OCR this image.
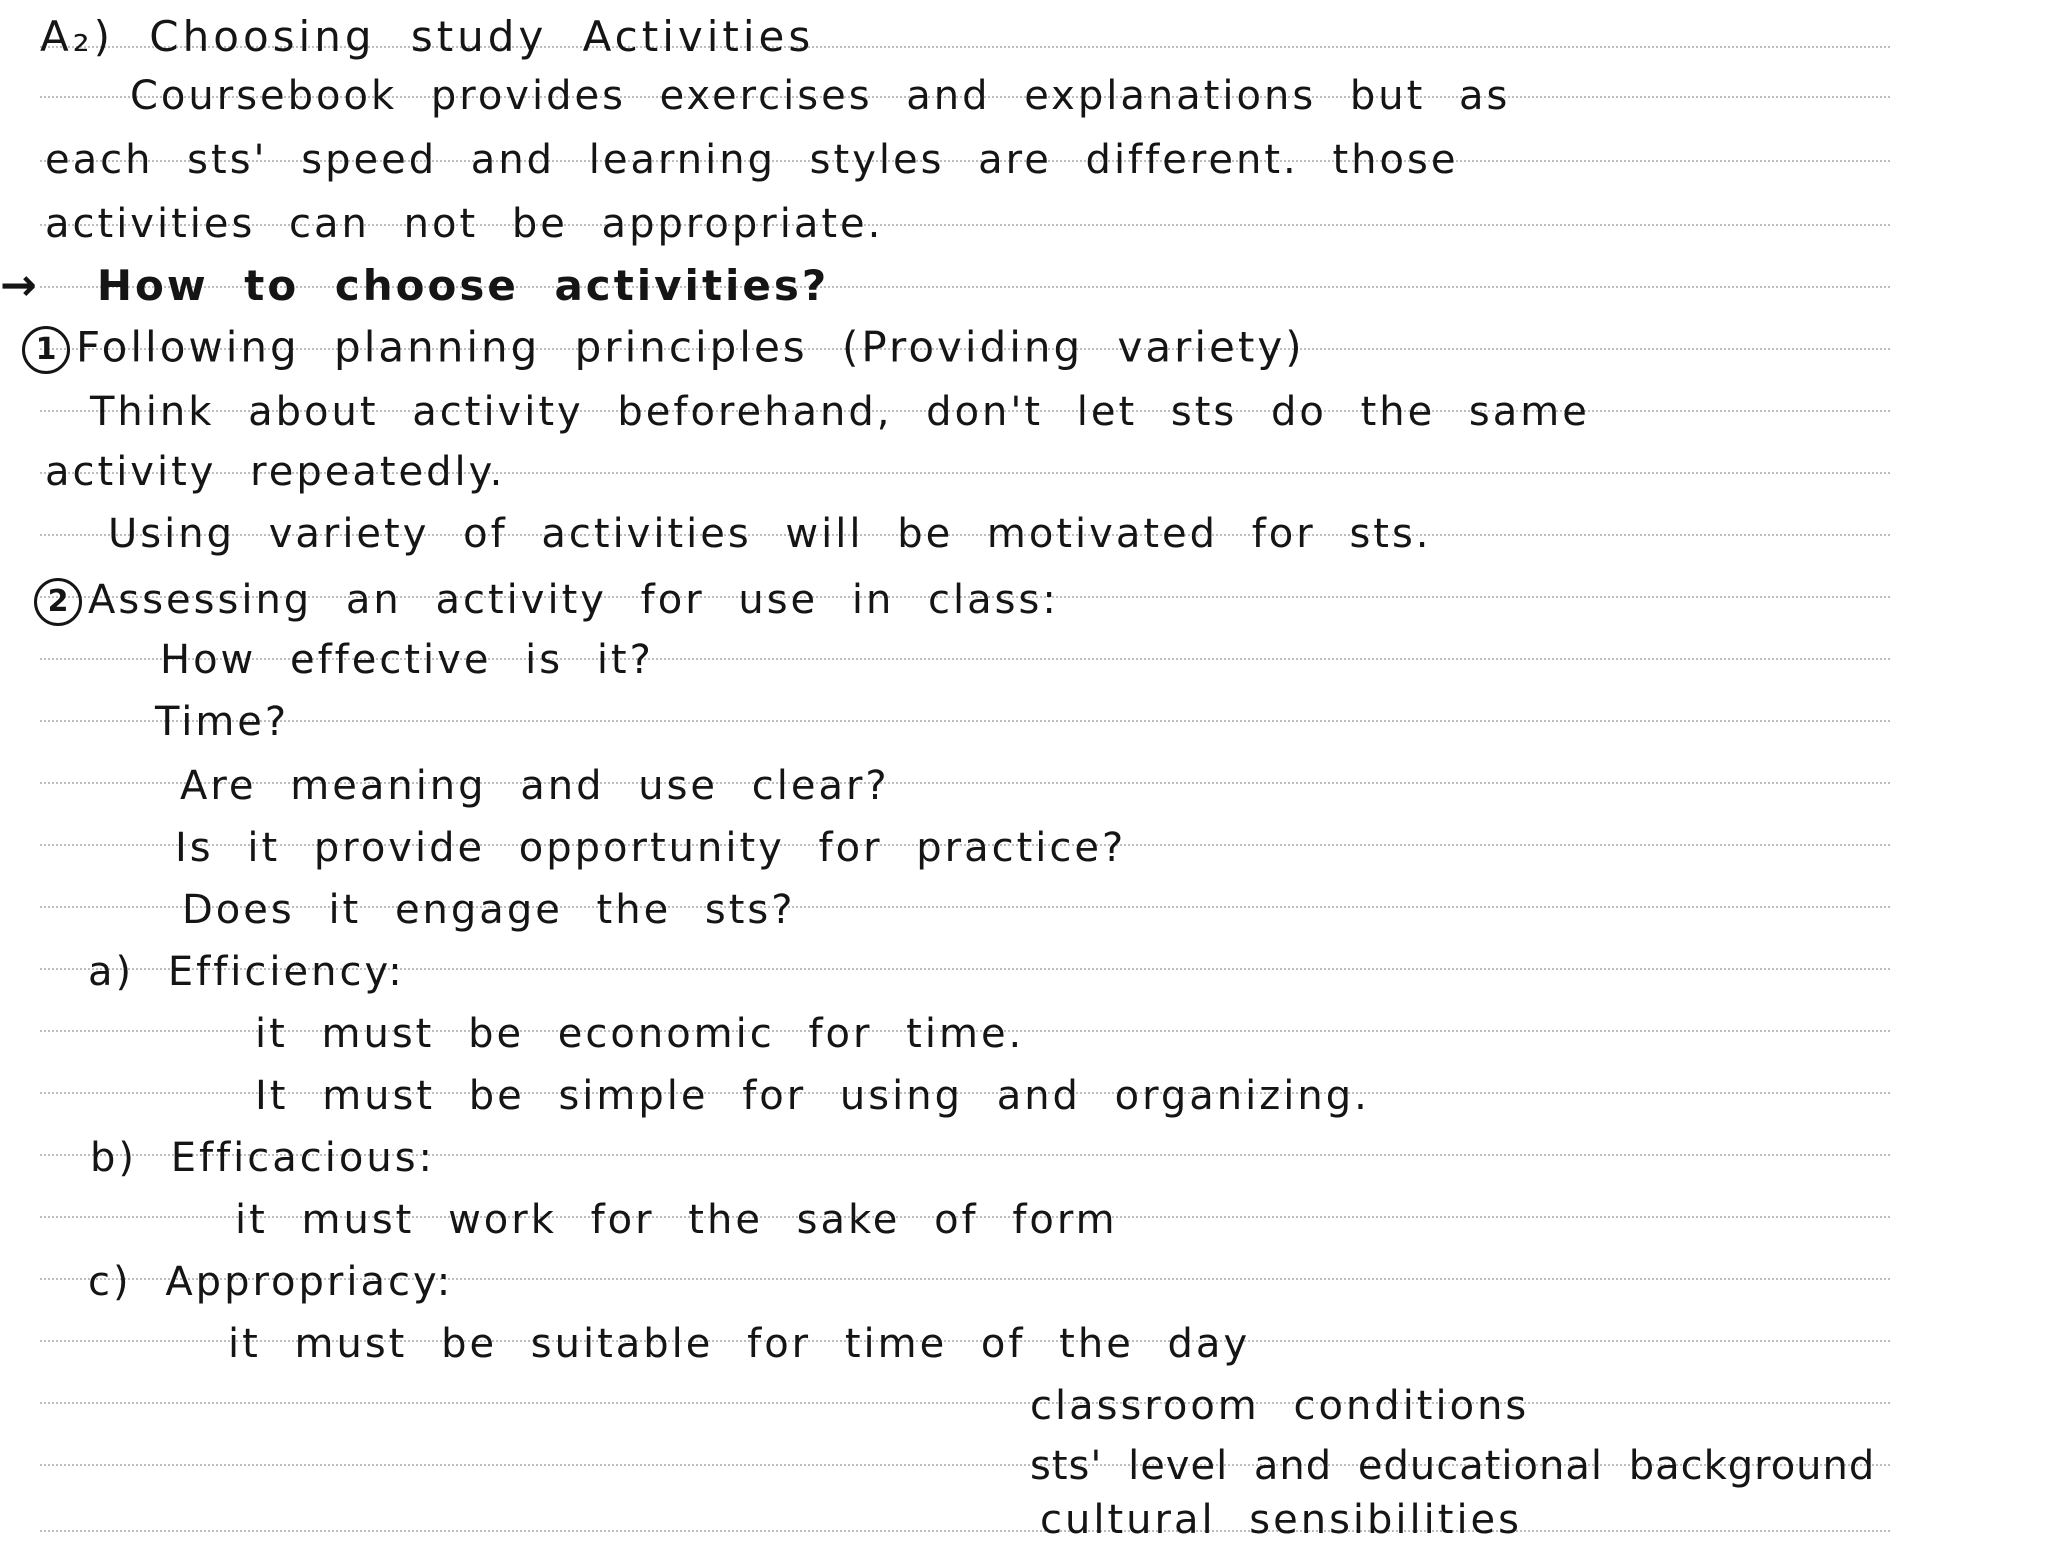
A₂) Choosing study Activities
Coursebook provides exercises and explanations but as
each sts' speed and learning styles are different. those
activities can not be appropriate.
→ How to choose activities?
1 Following planning principles (Providing variety)
Think about activity beforehand, don't let sts do the same
activity repeatedly.
Using variety of activities will be motivated for sts.
2 Assessing an activity for use in class:
How effective is it?
Time?
Are meaning and use clear?
Is it provide opportunity for practice?
Does it engage the sts?
a) Efficiency:
it must be economic for time.
It must be simple for using and organizing.
b) Efficacious:
it must work for the sake of form
c) Appropriacy:
it must be suitable for time of the day
classroom conditions
sts' level and educational background
cultural sensibilities
